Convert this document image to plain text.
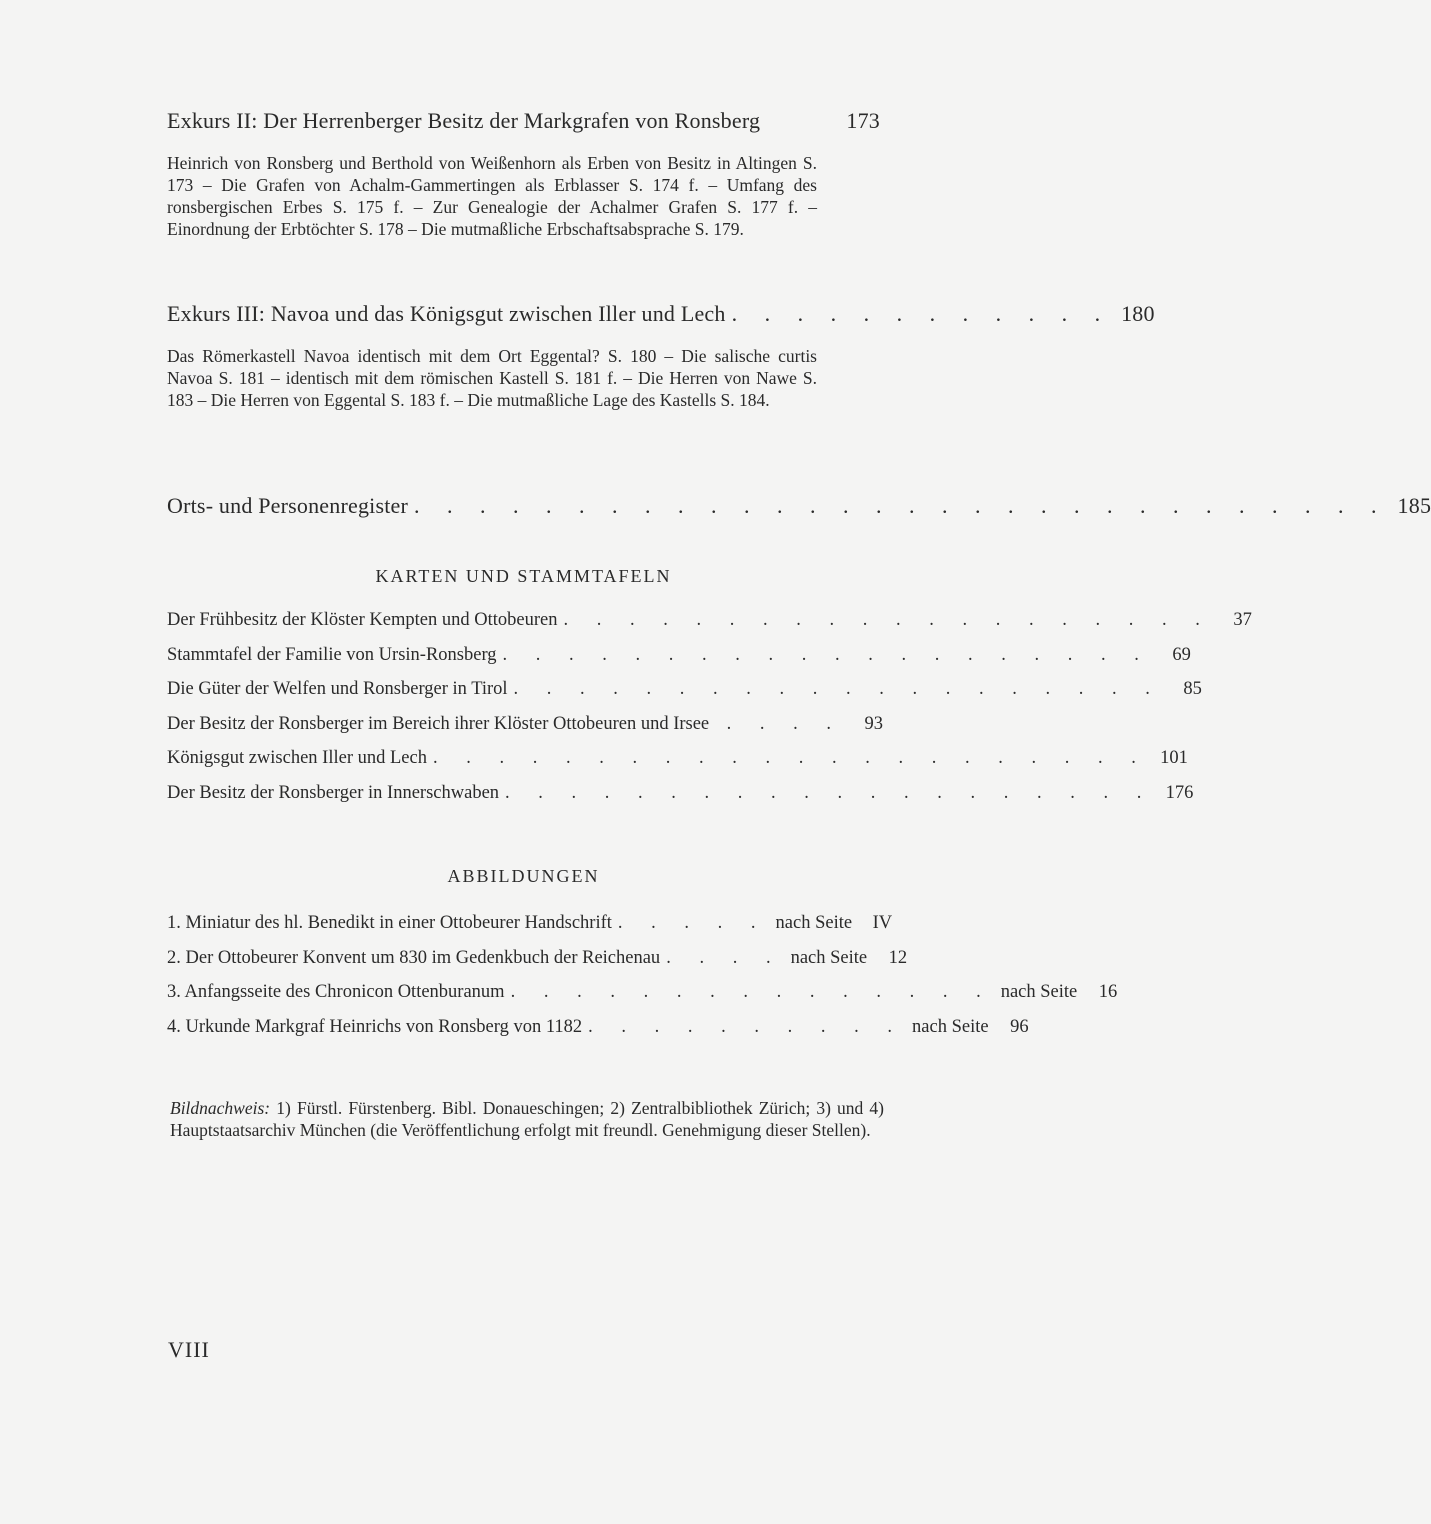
Exkurs II: Der Herrenberger Besitz der Markgrafen von Ronsberg	173
Heinrich von Ronsberg und Berthold von Weißenhorn als Erben von Besitz in Altingen S. 173 – Die Grafen von Achalm-Gammertingen als Erblasser S. 174 f. – Umfang des ronsbergischen Erbes S. 175 f. – Zur Genealogie der Achalmer Grafen S. 177 f. – Einordnung der Erbtöchter S. 178 – Die mutmaßliche Erbschaftsabsprache S. 179.
Exkurs III: Navoa und das Königsgut zwischen Iller und Lech . . . . . . . . . . . . 180
Das Römerkastell Navoa identisch mit dem Ort Eggental? S. 180 – Die salische curtis Navoa S. 181 – identisch mit dem römischen Kastell S. 181 f. – Die Herren von Nawe S. 183 – Die Herren von Eggental S. 183 f. – Die mutmaßliche Lage des Kastells S. 184.
Orts- und Personenregister . . . . . . . . . . . . . . . . . . . . . . . . . . . . . . 185
KARTEN UND STAMMTAFELN
Der Frühbesitz der Klöster Kempten und Ottobeuren . . . . . . . . . . . . . . . . . . . .	37
Stammtafel der Familie von Ursin-Ronsberg . . . . . . . . . . . . . . . . . . . .	69
Die Güter der Welfen und Ronsberger in Tirol . . . . . . . . . . . . . . . . . . . .	85
Der Besitz der Ronsberger im Bereich ihrer Klöster Ottobeuren und Irsee . . . .	93
Königsgut zwischen Iller und Lech . . . . . . . . . . . . . . . . . . . . . . 101
Der Besitz der Ronsberger in Innerschwaben . . . . . . . . . . . . . . . . . . . . 176
ABBILDUNGEN
1. Miniatur des hl. Benedikt in einer Ottobeurer Handschrift . . . . . nach Seite	IV
2. Der Ottobeurer Konvent um 830 im Gedenkbuch der Reichenau . . . . nach Seite	12
3. Anfangsseite des Chronicon Ottenburanum . . . . . . . . . . . . . . . nach Seite	16
4. Urkunde Markgraf Heinrichs von Ronsberg von 1182 . . . . . . . . . . nach Seite	96
Bildnachweis: 1) Fürstl. Fürstenberg. Bibl. Donaueschingen; 2) Zentralbibliothek Zürich; 3) und 4) Hauptstaatsarchiv München (die Veröffentlichung erfolgt mit freundl. Genehmigung dieser Stellen).
VIII
